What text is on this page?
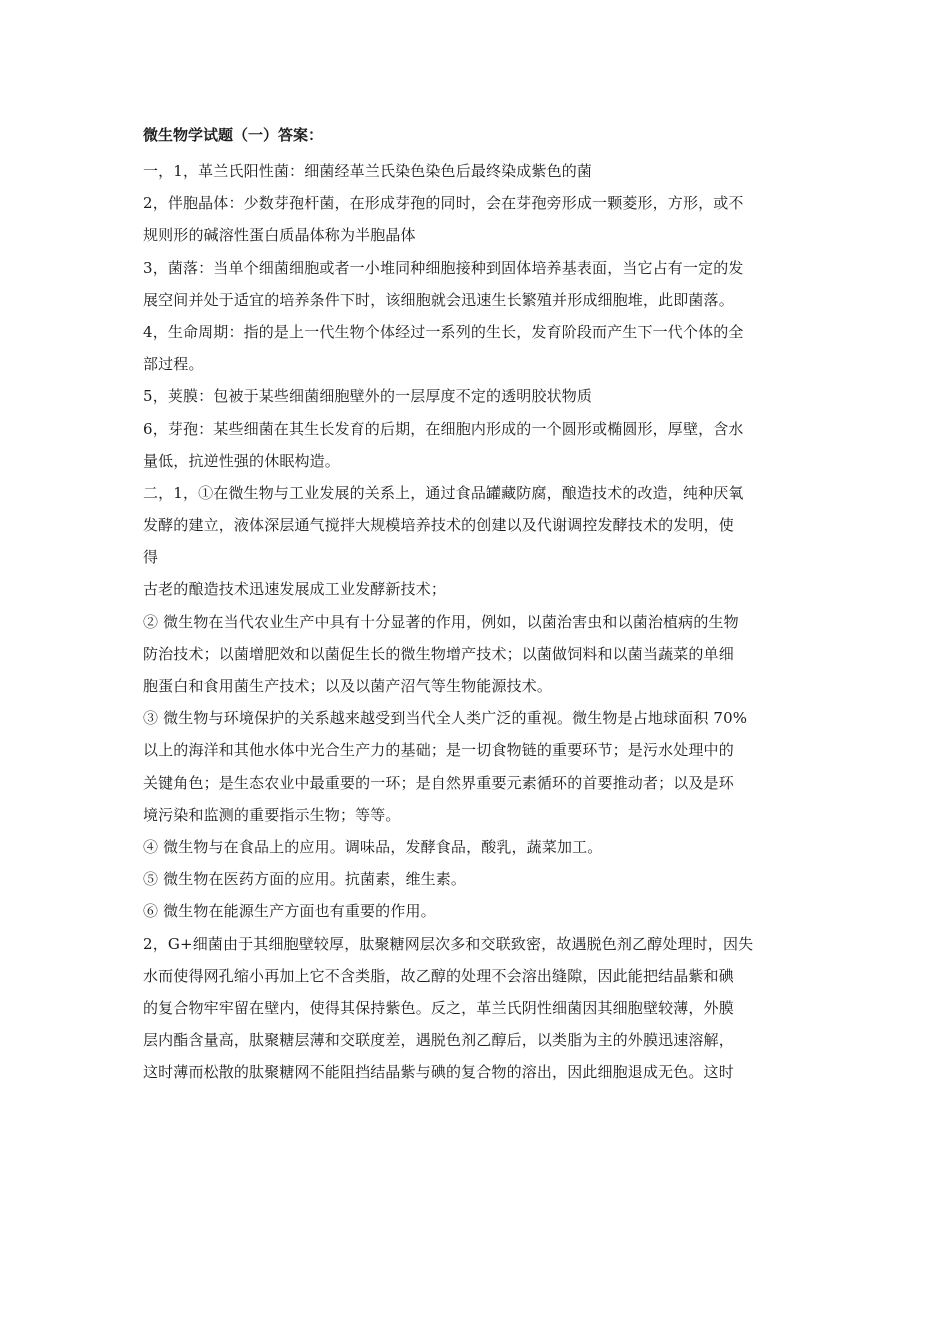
微生物学试题（一）答案：
一，1，革兰氏阳性菌：细菌经革兰氏染色染色后最终染成紫色的菌
2，伴胞晶体：少数芽孢杆菌，在形成芽孢的同时，会在芽孢旁形成一颗菱形，方形，或不
规则形的碱溶性蛋白质晶体称为半胞晶体
3，菌落：当单个细菌细胞或者一小堆同种细胞接种到固体培养基表面，当它占有一定的发
展空间并处于适宜的培养条件下时，该细胞就会迅速生长繁殖并形成细胞堆，此即菌落。
4，生命周期：指的是上一代生物个体经过一系列的生长，发育阶段而产生下一代个体的全
部过程。
5，荚膜：包被于某些细菌细胞壁外的一层厚度不定的透明胶状物质
6，芽孢：某些细菌在其生长发育的后期，在细胞内形成的一个圆形或椭圆形，厚壁，含水
量低，抗逆性强的休眠构造。
二，1，①在微生物与工业发展的关系上，通过食品罐藏防腐，酿造技术的改造，纯种厌氧
发酵的建立，液体深层通气搅拌大规模培养技术的创建以及代谢调控发酵技术的发明，使
得
古老的酿造技术迅速发展成工业发酵新技术；
② 微生物在当代农业生产中具有十分显著的作用，例如，以菌治害虫和以菌治植病的生物
防治技术；以菌增肥效和以菌促生长的微生物增产技术；以菌做饲料和以菌当蔬菜的单细
胞蛋白和食用菌生产技术；以及以菌产沼气等生物能源技术。
③ 微生物与环境保护的关系越来越受到当代全人类广泛的重视。微生物是占地球面积 70%
以上的海洋和其他水体中光合生产力的基础；是一切食物链的重要环节；是污水处理中的
关键角色；是生态农业中最重要的一环；是自然界重要元素循环的首要推动者；以及是环
境污染和监测的重要指示生物；等等。
④ 微生物与在食品上的应用。调味品，发酵食品，酸乳，蔬菜加工。
⑤ 微生物在医药方面的应用。抗菌素，维生素。
⑥ 微生物在能源生产方面也有重要的作用。
2，G+细菌由于其细胞壁较厚，肽聚糖网层次多和交联致密，故遇脱色剂乙醇处理时，因失
水而使得网孔缩小再加上它不含类脂，故乙醇的处理不会溶出缝隙，因此能把结晶紫和碘
的复合物牢牢留在壁内，使得其保持紫色。反之，革兰氏阴性细菌因其细胞壁较薄，外膜
层内酯含量高，肽聚糖层薄和交联度差，遇脱色剂乙醇后，以类脂为主的外膜迅速溶解，
这时薄而松散的肽聚糖网不能阻挡结晶紫与碘的复合物的溶出，因此细胞退成无色。这时
